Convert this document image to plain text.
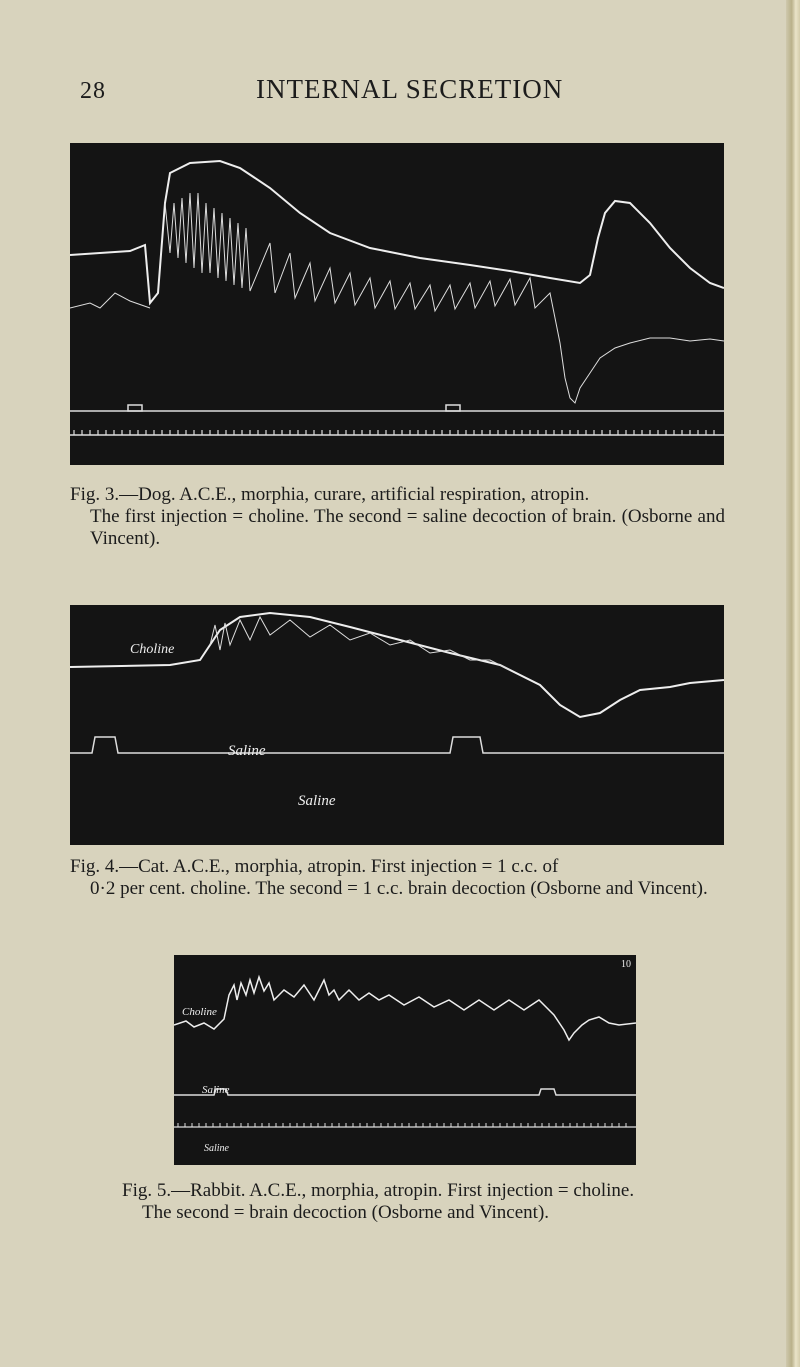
28	INTERNAL SECRETION
Fig. 3.—Dog. A.C.E., morphia, curare, artificial respiration, atropin.
The first injection = choline. The second = saline decoction of brain. (Osborne and Vincent).
Choline
Saline
Saline
Fig. 4.—Cat. A.C.E., morphia, atropin. First injection = 1 c.c. of
0·2 per cent. choline. The second = 1 c.c. brain decoction (Osborne and Vincent).
Choline
10
Saline
Saline
Fig. 5.—Rabbit. A.C.E., morphia, atropin. First injection = choline.
The second = brain decoction (Osborne and Vincent).
